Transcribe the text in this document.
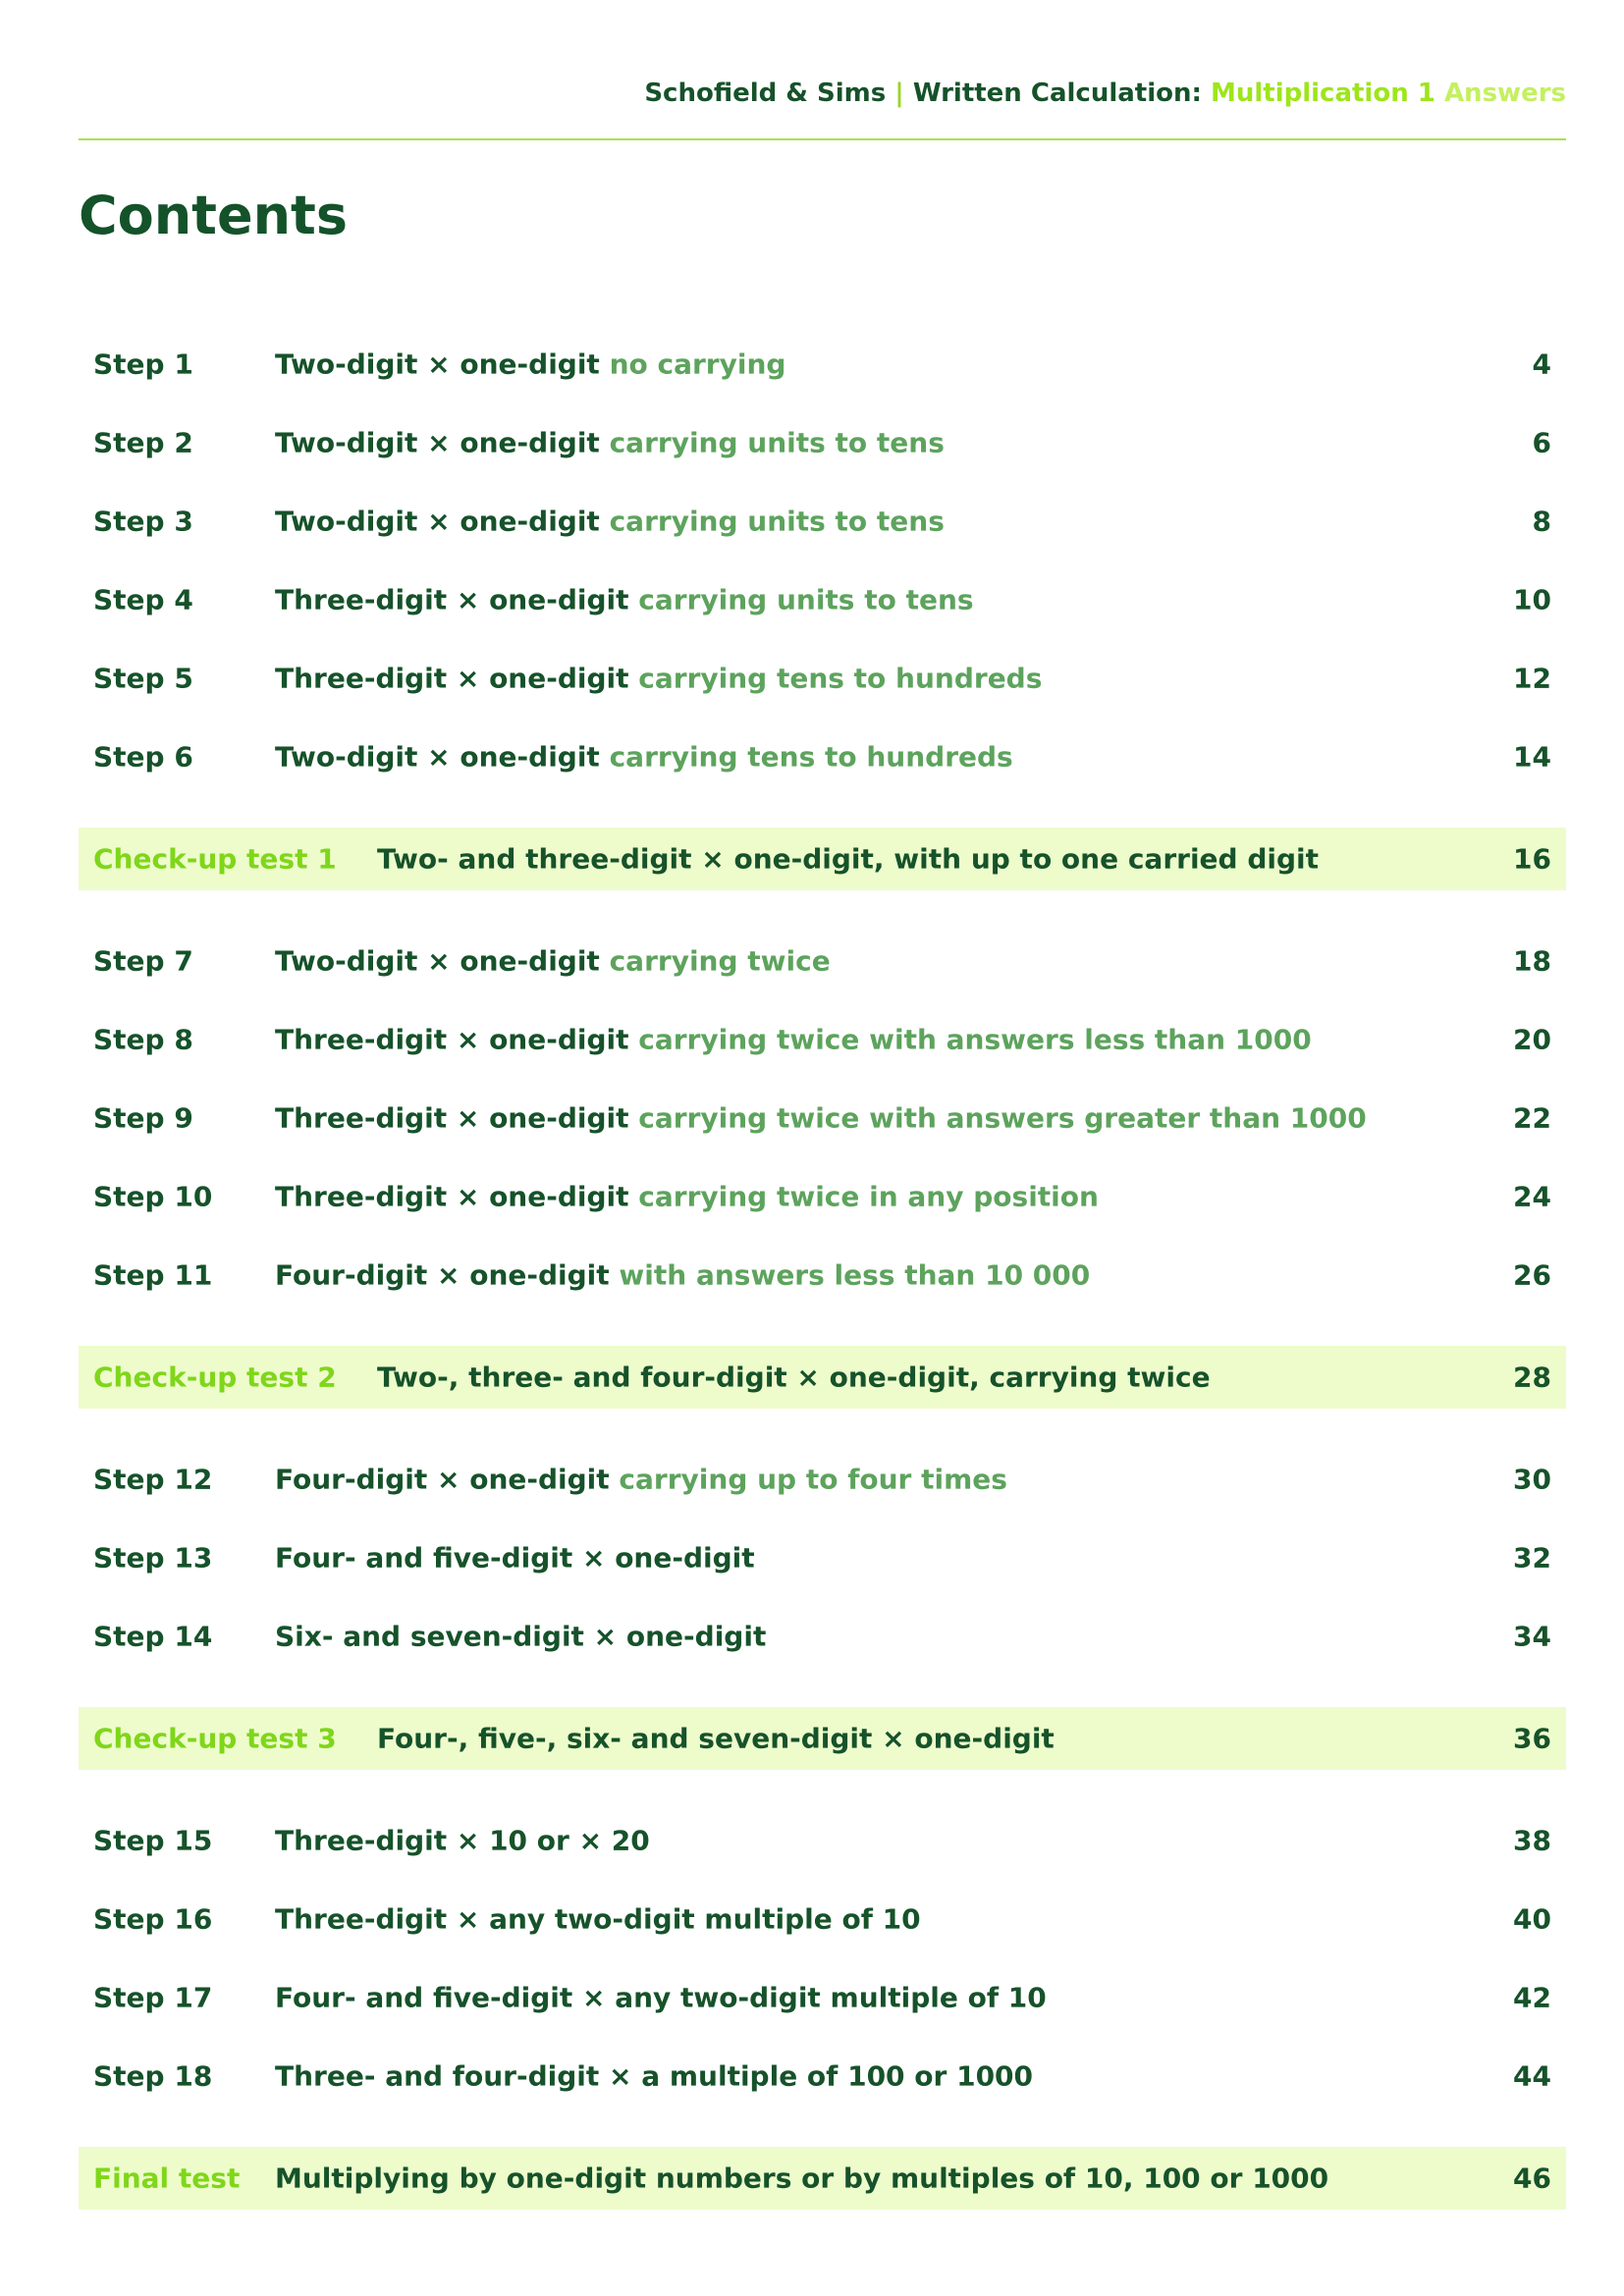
Schofield & Sims | Written Calculation: Multiplication 1 Answers
Contents
Step 1	Two-digit × one-digit no carrying	4
Step 2	Two-digit × one-digit carrying units to tens	6
Step 3	Two-digit × one-digit carrying units to tens	8
Step 4	Three-digit × one-digit carrying units to tens	10
Step 5	Three-digit × one-digit carrying tens to hundreds	12
Step 6	Two-digit × one-digit carrying tens to hundreds	14
Check-up test 1 Two- and three-digit × one-digit, with up to one carried digit	16
Step 7	Two-digit × one-digit carrying twice	18
Step 8	Three-digit × one-digit carrying twice with answers less than 1000	20
Step 9	Three-digit × one-digit carrying twice with answers greater than 1000	22
Step 10 Three-digit × one-digit carrying twice in any position	24
Step 11 Four-digit × one-digit with answers less than 10 000	26
Check-up test 2 Two-, three- and four-digit × one-digit, carrying twice	28
Step 12 Four-digit × one-digit carrying up to four times	30
Step 13 Four- and five-digit × one-digit	32
Step 14 Six- and seven-digit × one-digit	34
Check-up test 3 Four-, five-, six- and seven-digit × one-digit	36
Step 15 Three-digit × 10 or × 20	38
Step 16 Three-digit × any two-digit multiple of 10	40
Step 17 Four- and five-digit × any two-digit multiple of 10	42
Step 18 Three- and four-digit × a multiple of 100 or 1000	44
Final test Multiplying by one-digit numbers or by multiples of 10, 100 or 1000	46
